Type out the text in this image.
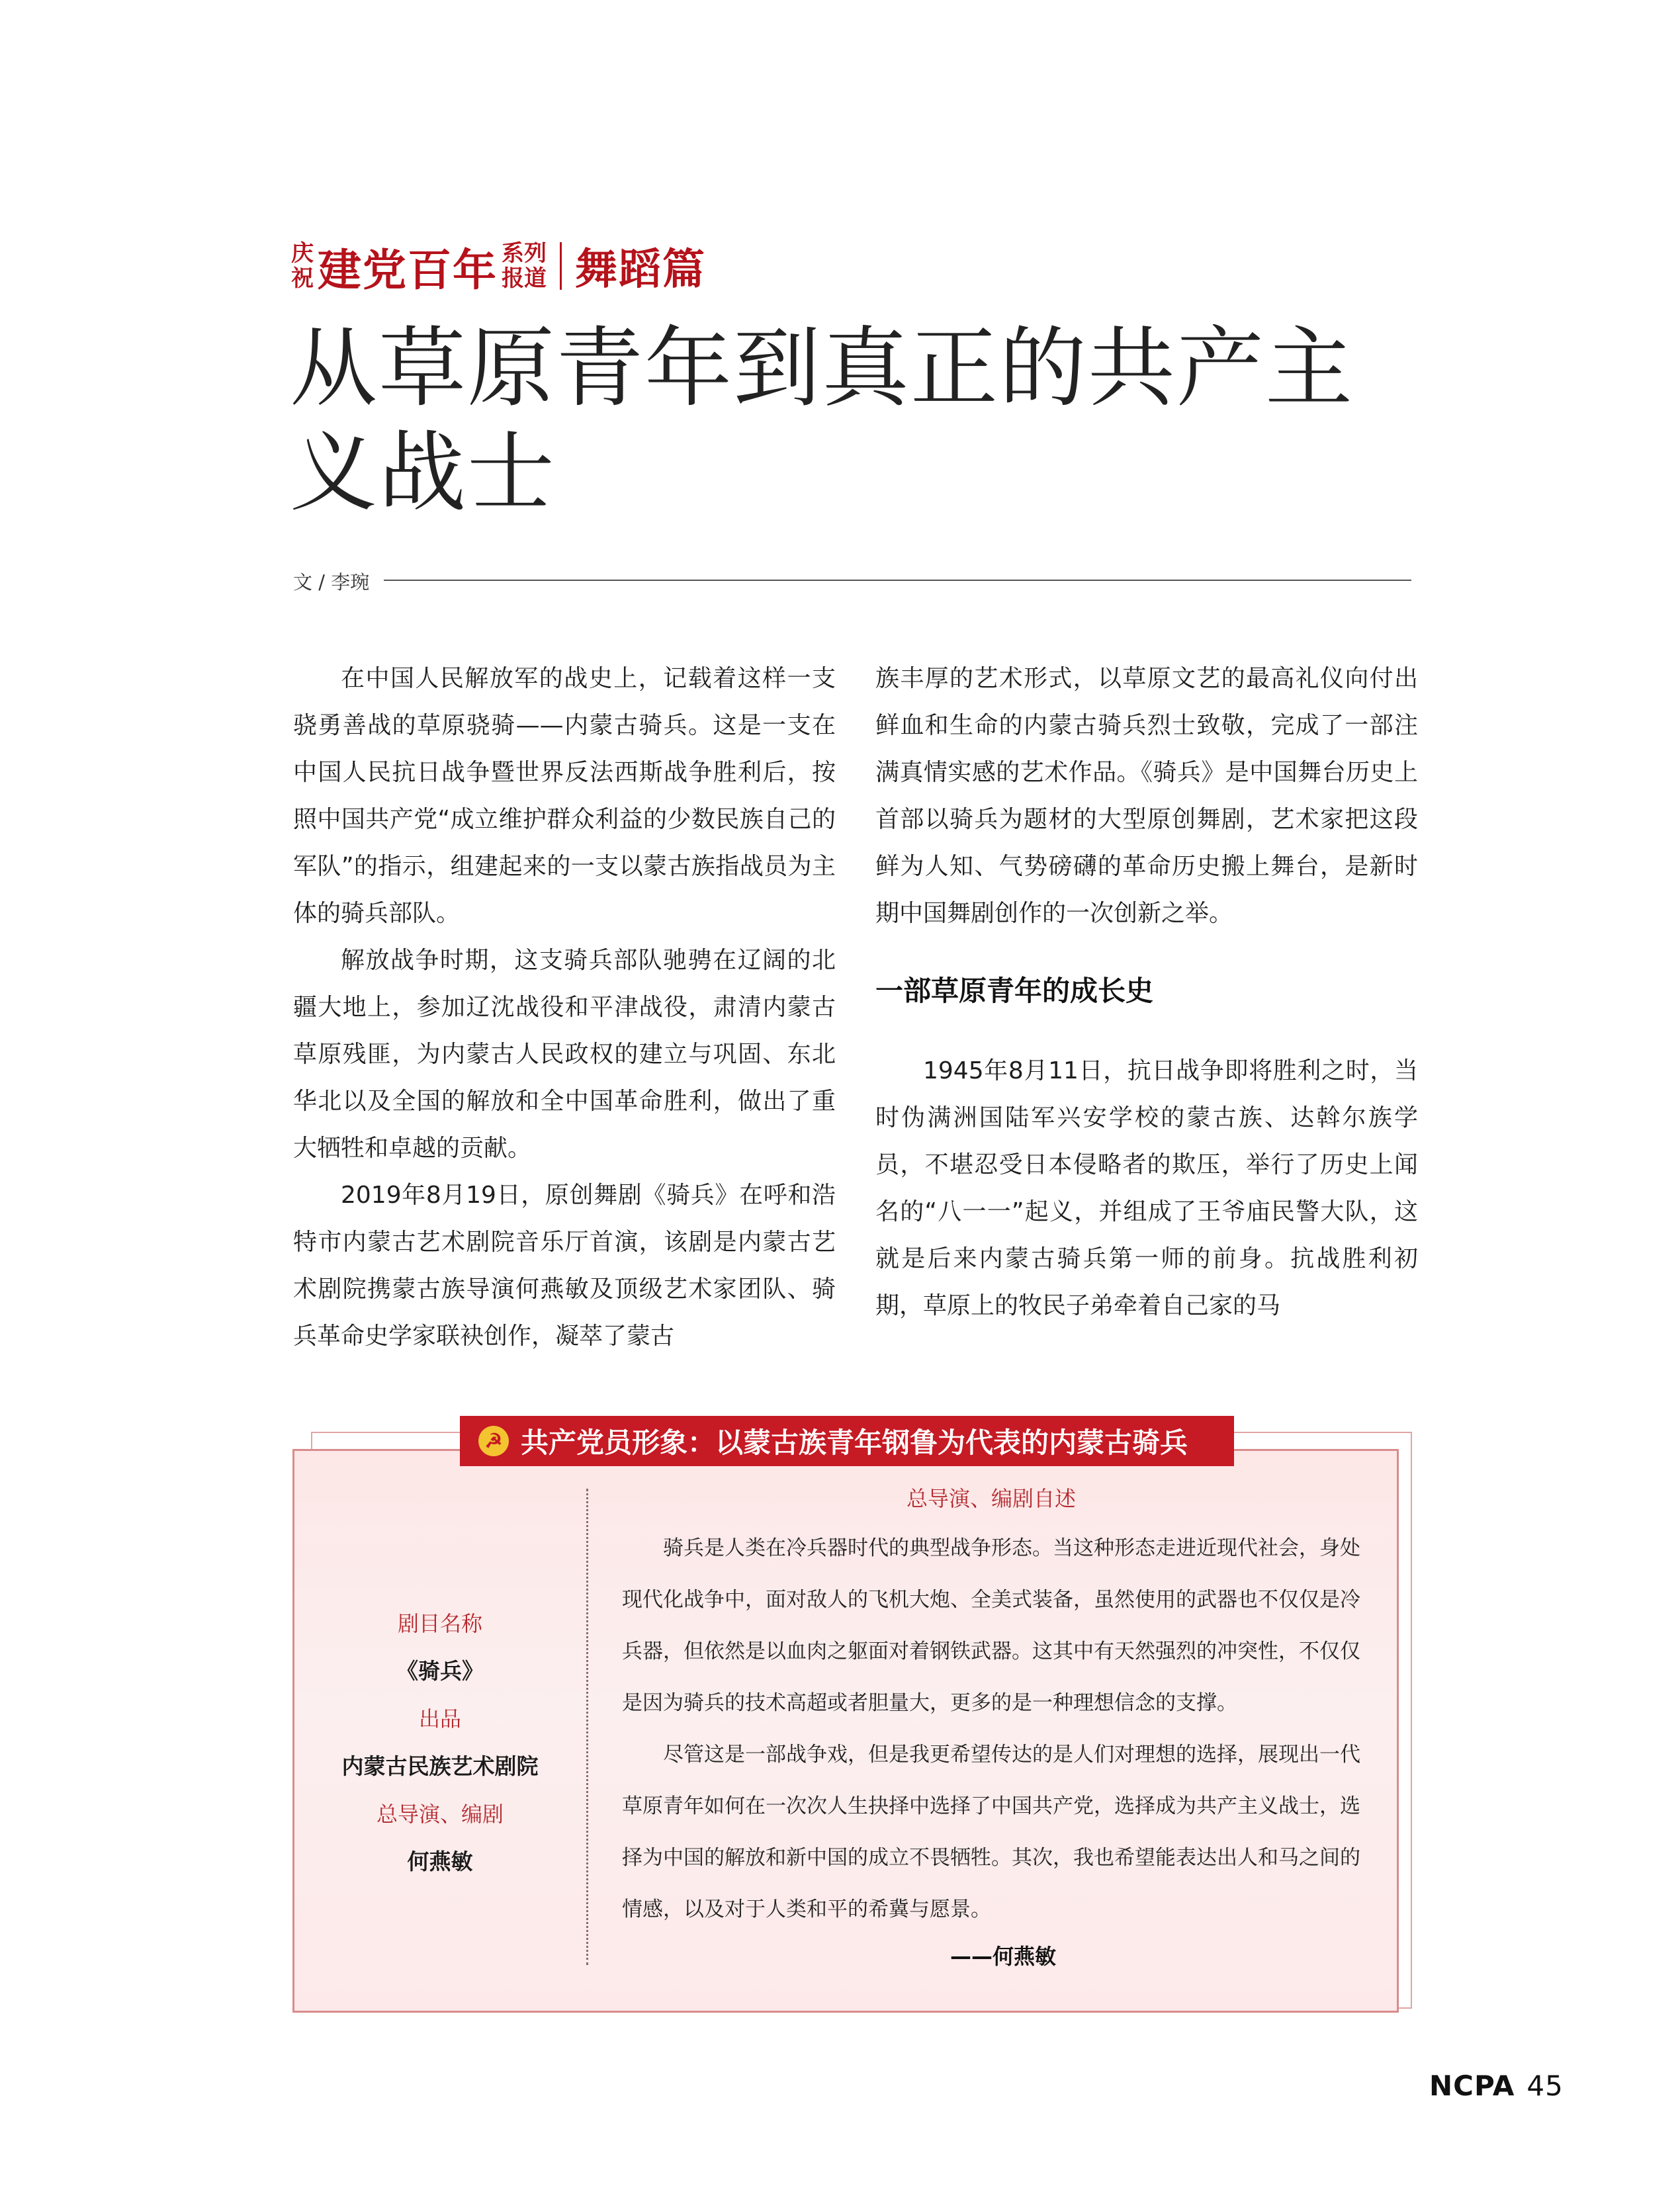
庆
祝 建党百年 系列
报道 舞蹈篇
从草原青年到真正的共产主义战士
文 / 李琬

在中国人民解放军的战史上，记载着这样一支骁勇善战的草原骁骑——内蒙古骑兵。这是一支在中国人民抗日战争暨世界反法西斯战争胜利后，按照中国共产党“成立维护群众利益的少数民族自己的军队”的指示，组建起来的一支以蒙古族指战员为主体的骑兵部队。

解放战争时期，这支骑兵部队驰骋在辽阔的北疆大地上，参加辽沈战役和平津战役，肃清内蒙古草原残匪，为内蒙古人民政权的建立与巩固、东北华北以及全国的解放和全中国革命胜利，做出了重大牺牲和卓越的贡献。

2019年8月19日，原创舞剧《骑兵》在呼和浩特市内蒙古艺术剧院音乐厅首演，该剧是内蒙古艺术剧院携蒙古族导演何燕敏及顶级艺术家团队、骑兵革命史学家联袂创作，凝萃了蒙古

族丰厚的艺术形式，以草原文艺的最高礼仪向付出鲜血和生命的内蒙古骑兵烈士致敬，完成了一部注满真情实感的艺术作品。《骑兵》是中国舞台历史上首部以骑兵为题材的大型原创舞剧，艺术家把这段鲜为人知、气势磅礴的革命历史搬上舞台，是新时期中国舞剧创作的一次创新之举。

一部草原青年的成长史

1945年8月11日，抗日战争即将胜利之时，当时伪满洲国陆军兴安学校的蒙古族、达斡尔族学员，不堪忍受日本侵略者的欺压，举行了历史上闻名的“八一一”起义，并组成了王爷庙民警大队，这就是后来内蒙古骑兵第一师的前身。抗战胜利初期，草原上的牧民子弟牵着自己家的马

☭ 共产党员形象：以蒙古族青年钢鲁为代表的内蒙古骑兵
剧目名称
《骑兵》
出品
内蒙古民族艺术剧院
总导演、编剧
何燕敏
总导演、编剧自述

骑兵是人类在冷兵器时代的典型战争形态。当这种形态走进近现代社会，身处现代化战争中，面对敌人的飞机大炮、全美式装备，虽然使用的武器也不仅仅是冷兵器，但依然是以血肉之躯面对着钢铁武器。这其中有天然强烈的冲突性，不仅仅是因为骑兵的技术高超或者胆量大，更多的是一种理想信念的支撑。

尽管这是一部战争戏，但是我更希望传达的是人们对理想的选择，展现出一代草原青年如何在一次次人生抉择中选择了中国共产党，选择成为共产主义战士，选择为中国的解放和新中国的成立不畏牺牲。其次，我也希望能表达出人和马之间的情感，以及对于人类和平的希冀与愿景。

——何燕敏
NCPA 45
